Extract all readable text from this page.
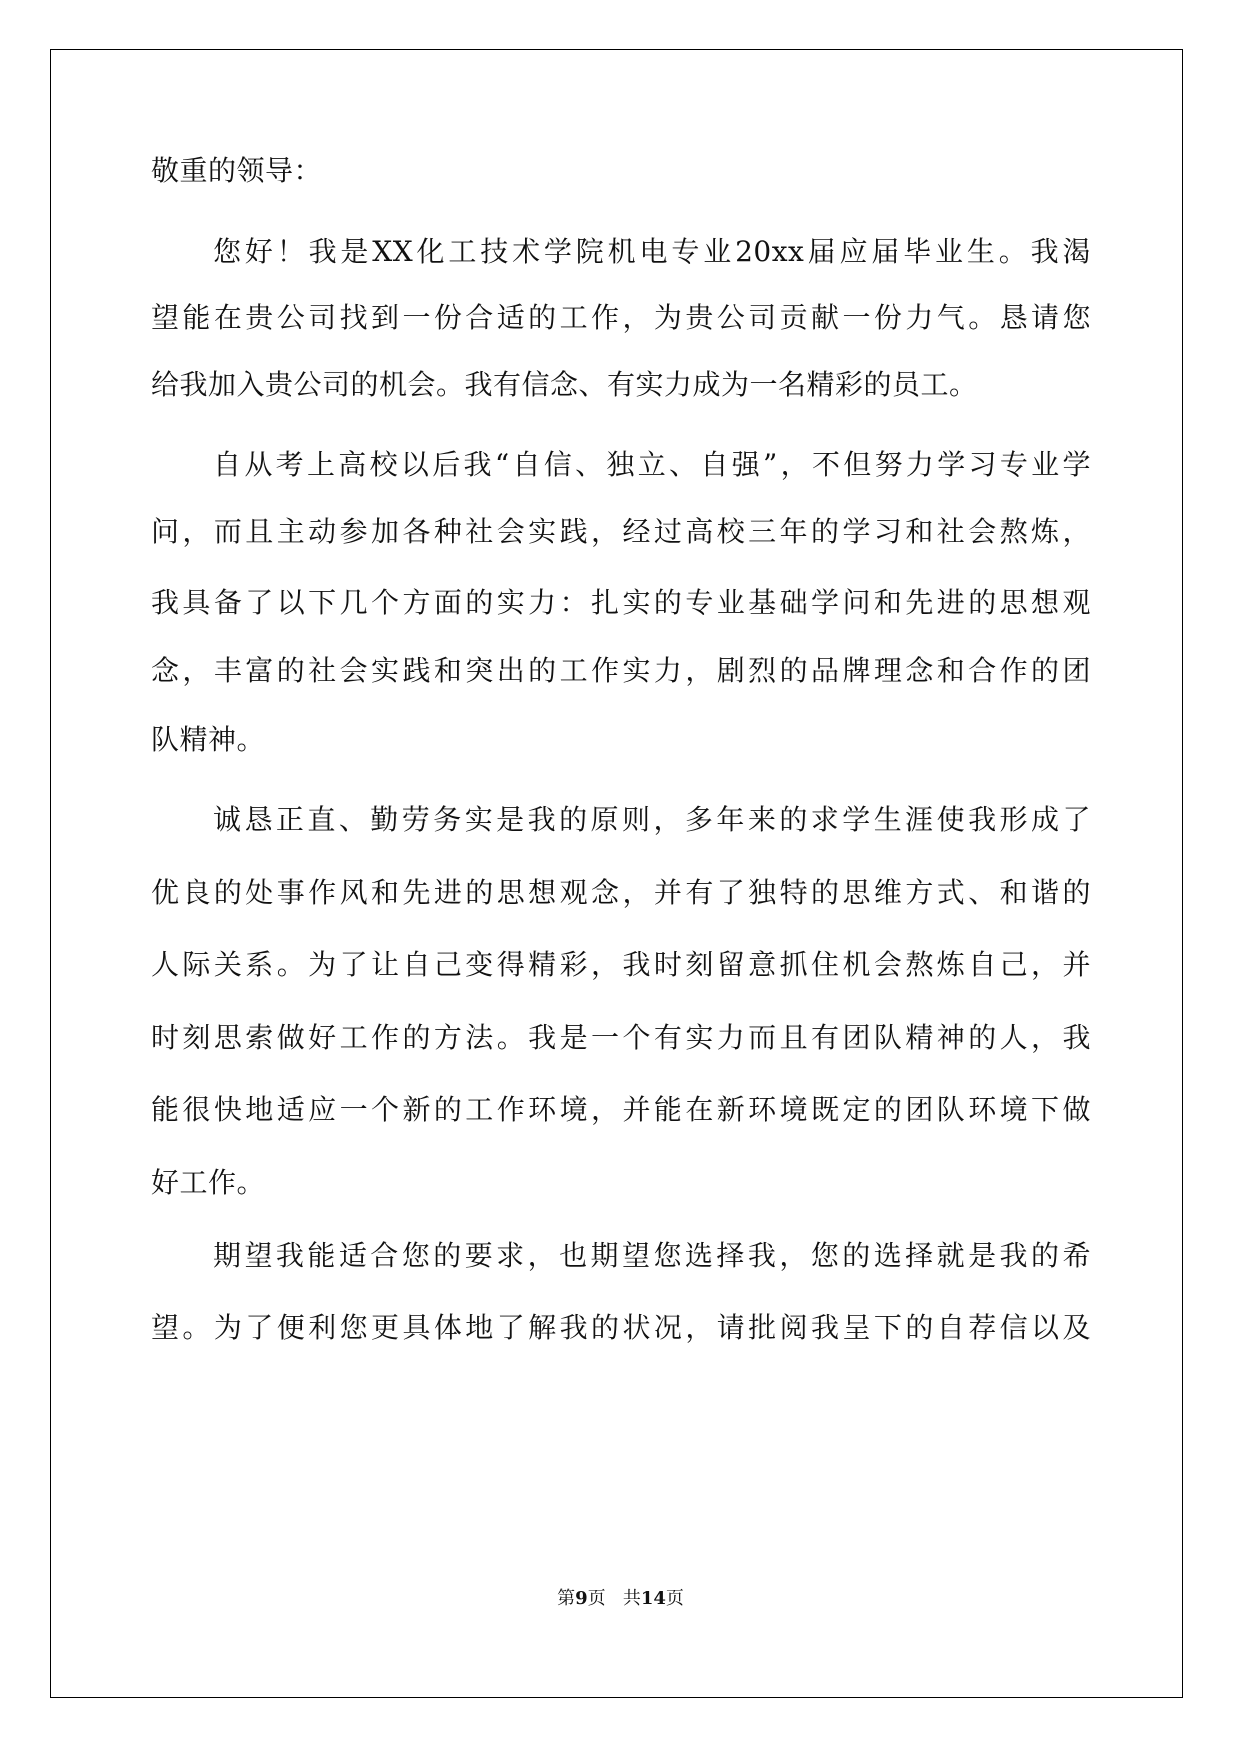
敬重的领导：
您好！我是XX化工技术学院机电专业20xx届应届毕业生。我渴
望能在贵公司找到一份合适的工作，为贵公司贡献一份力气。恳请您
给我加入贵公司的机会。我有信念、有实力成为一名精彩的员工。
自从考上高校以后我“自信、独立、自强”，不但努力学习专业学
问，而且主动参加各种社会实践，经过高校三年的学习和社会熬炼，
我具备了以下几个方面的实力：扎实的专业基础学问和先进的思想观
念，丰富的社会实践和突出的工作实力，剧烈的品牌理念和合作的团
队精神。
诚恳正直、勤劳务实是我的原则，多年来的求学生涯使我形成了
优良的处事作风和先进的思想观念，并有了独特的思维方式、和谐的
人际关系。为了让自己变得精彩，我时刻留意抓住机会熬炼自己，并
时刻思索做好工作的方法。我是一个有实力而且有团队精神的人，我
能很快地适应一个新的工作环境，并能在新环境既定的团队环境下做
好工作。
期望我能适合您的要求，也期望您选择我，您的选择就是我的希
望。为了便利您更具体地了解我的状况，请批阅我呈下的自荐信以及
第9页 共14页
